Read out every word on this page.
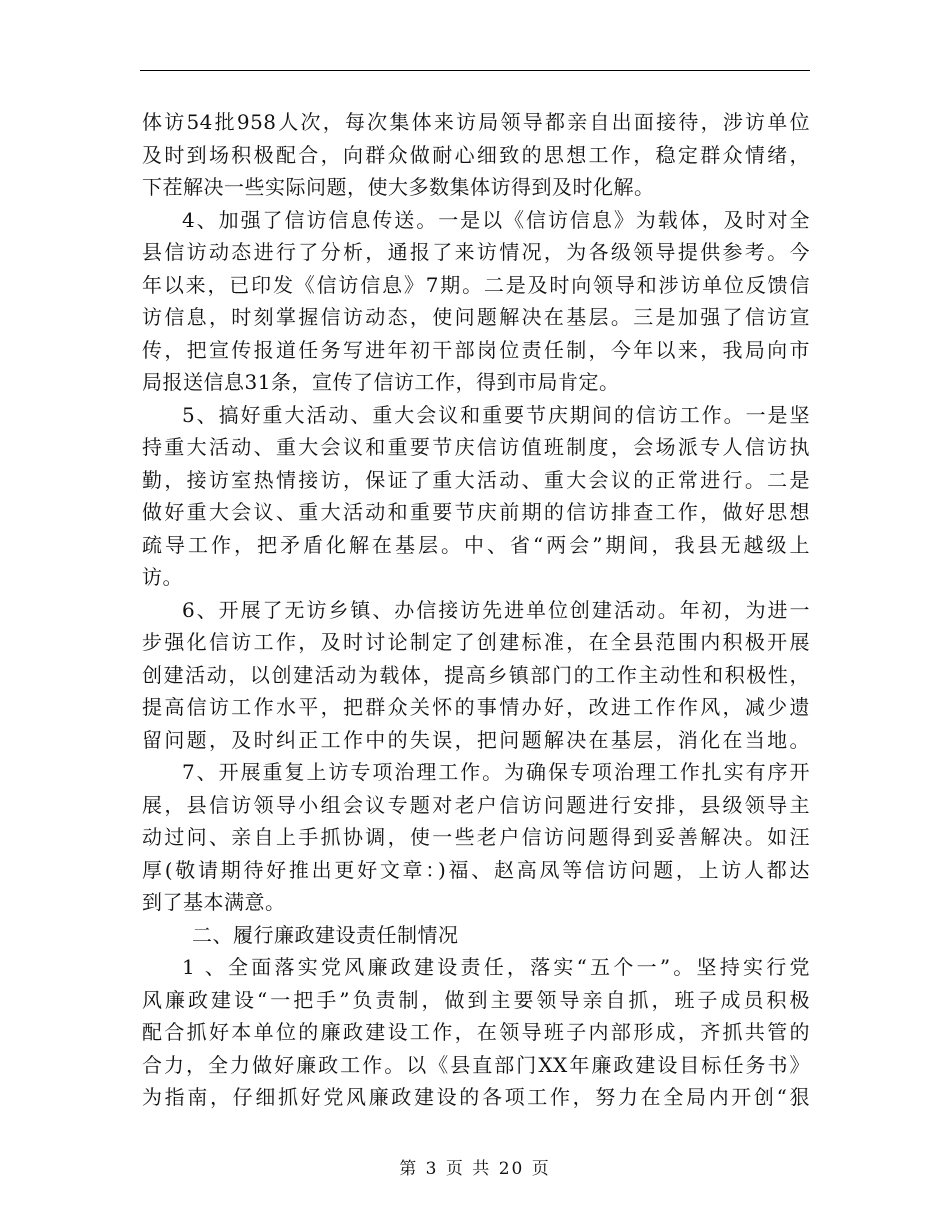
体访54批958人次，每次集体来访局领导都亲自出面接待，涉访单位
及时到场积极配合，向群众做耐心细致的思想工作，稳定群众情绪，
下茬解决一些实际问题，使大多数集体访得到及时化解。
4、加强了信访信息传送。一是以《信访信息》为载体，及时对全
县信访动态进行了分析，通报了来访情况，为各级领导提供参考。今
年以来，已印发《信访信息》7期。二是及时向领导和涉访单位反馈信
访信息，时刻掌握信访动态，使问题解决在基层。三是加强了信访宣
传，把宣传报道任务写进年初干部岗位责任制，今年以来，我局向市
局报送信息31条，宣传了信访工作，得到市局肯定。
5、搞好重大活动、重大会议和重要节庆期间的信访工作。一是坚
持重大活动、重大会议和重要节庆信访值班制度，会场派专人信访执
勤，接访室热情接访，保证了重大活动、重大会议的正常进行。二是
做好重大会议、重大活动和重要节庆前期的信访排查工作，做好思想
疏导工作，把矛盾化解在基层。中、省“两会”期间，我县无越级上
访。
6、开展了无访乡镇、办信接访先进单位创建活动。年初，为进一
步强化信访工作，及时讨论制定了创建标准，在全县范围内积极开展
创建活动，以创建活动为载体，提高乡镇部门的工作主动性和积极性，
提高信访工作水平，把群众关怀的事情办好，改进工作作风，减少遗
留问题，及时纠正工作中的失误，把问题解决在基层，消化在当地。
7、开展重复上访专项治理工作。为确保专项治理工作扎实有序开
展，县信访领导小组会议专题对老户信访问题进行安排，县级领导主
动过问、亲自上手抓协调，使一些老户信访问题得到妥善解决。如汪
厚(敬请期待好推出更好文章：)福、赵高凤等信访问题，上访人都达
到了基本满意。
二、履行廉政建设责任制情况
1 、全面落实党风廉政建设责任，落实“五个一”。坚持实行党
风廉政建设“一把手”负责制，做到主要领导亲自抓，班子成员积极
配合抓好本单位的廉政建设工作，在领导班子内部形成，齐抓共管的
合力，全力做好廉政工作。以《县直部门XX年廉政建设目标任务书》
为指南，仔细抓好党风廉政建设的各项工作，努力在全局内开创“狠
第 3 页 共 20 页
